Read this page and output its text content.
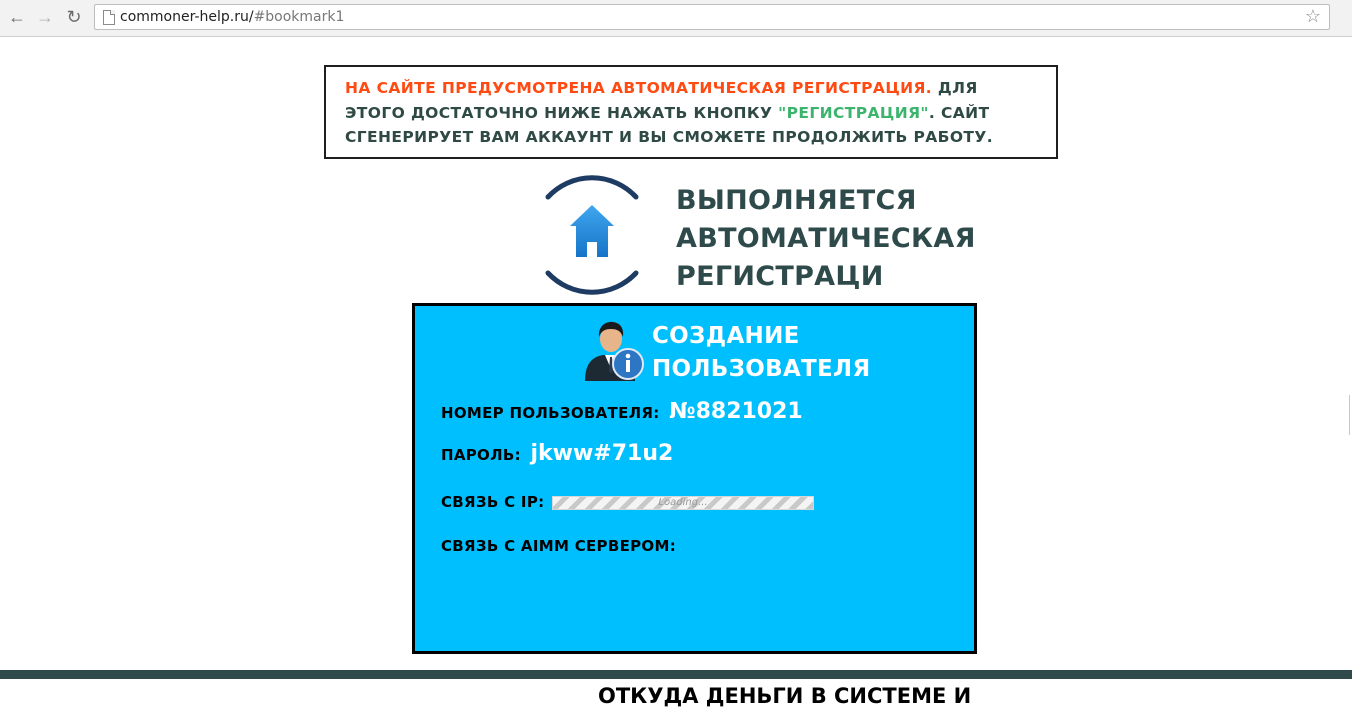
← → ↻	commoner-help.ru/#bookmark1	☆
НА САЙТЕ ПРЕДУСМОТРЕНА АВТОМАТИЧЕСКАЯ РЕГИСТРАЦИЯ. ДЛЯ ЭТОГО ДОСТАТОЧНО НИЖЕ НАЖАТЬ КНОПКУ "РЕГИСТРАЦИЯ". САЙТ СГЕНЕРИРУЕТ ВАМ АККАУНТ И ВЫ СМОЖЕТЕ ПРОДОЛЖИТЬ РАБОТУ.
ВЫПОЛНЯЕТСЯ
АВТОМАТИЧЕСКАЯ
РЕГИСТРАЦИ
СОЗДАНИЕ
ПОЛЬЗОВАТЕЛЯ
НОМЕР ПОЛЬЗОВАТЕЛЯ: №8821021
ПАРОЛЬ: jkww#71u2
СВЯЗЬ С IP:	Loading...
СВЯЗЬ С AIMM СЕРВЕРОМ:
ОТКУДА ДЕНЬГИ В СИСТЕМЕ И
